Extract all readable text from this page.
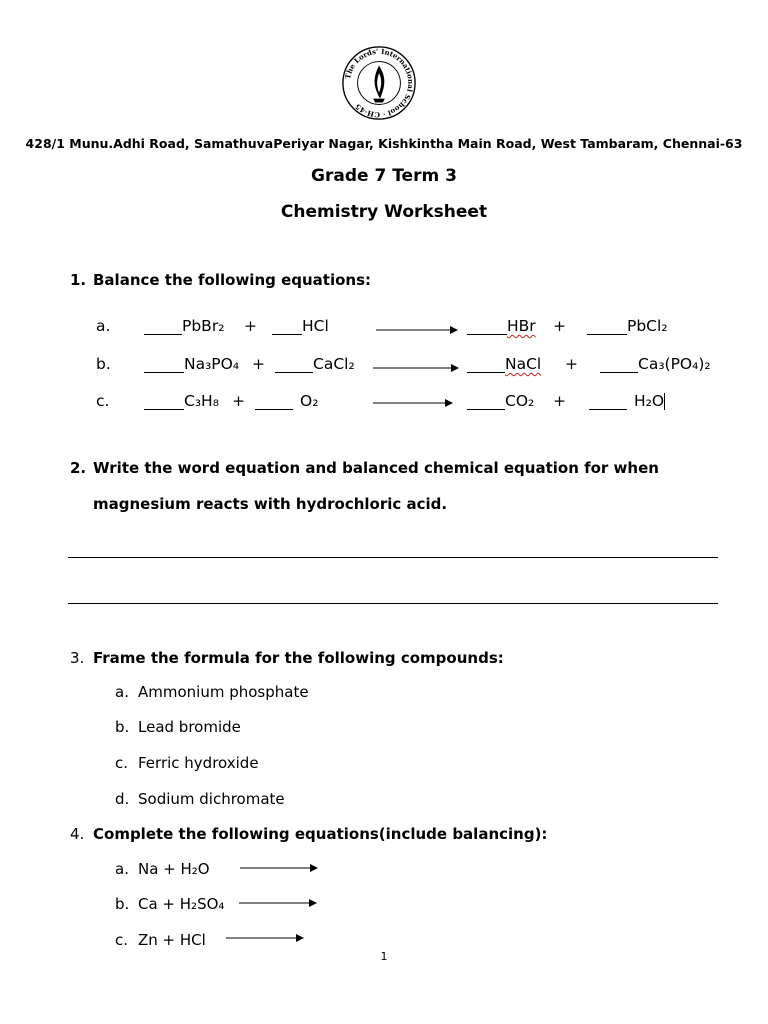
The Lords' International School · CH·45
428/1 Munu.Adhi Road, SamathuvaPeriyar Nagar, Kishkintha Main Road, West Tambaram, Chennai-63
Grade 7 Term 3
Chemistry Worksheet
1. Balance the following equations:
a.	PbBr₂ +	HCl	HBr +	PbCl₂
b.	Na₃PO₄ +	CaCl₂	NaCl +	Ca₃(PO₄)₂
c.	C₃H₈ +	O₂	CO₂ +	H₂O
2. Write the word equation and balanced chemical equation for when
magnesium reacts with hydrochloric acid.
3. Frame the formula for the following compounds:
a. Ammonium phosphate
b. Lead bromide
c. Ferric hydroxide
d. Sodium dichromate
4. Complete the following equations(include balancing):
a. Na + H₂O
b. Ca + H₂SO₄
c. Zn + HCl
1
